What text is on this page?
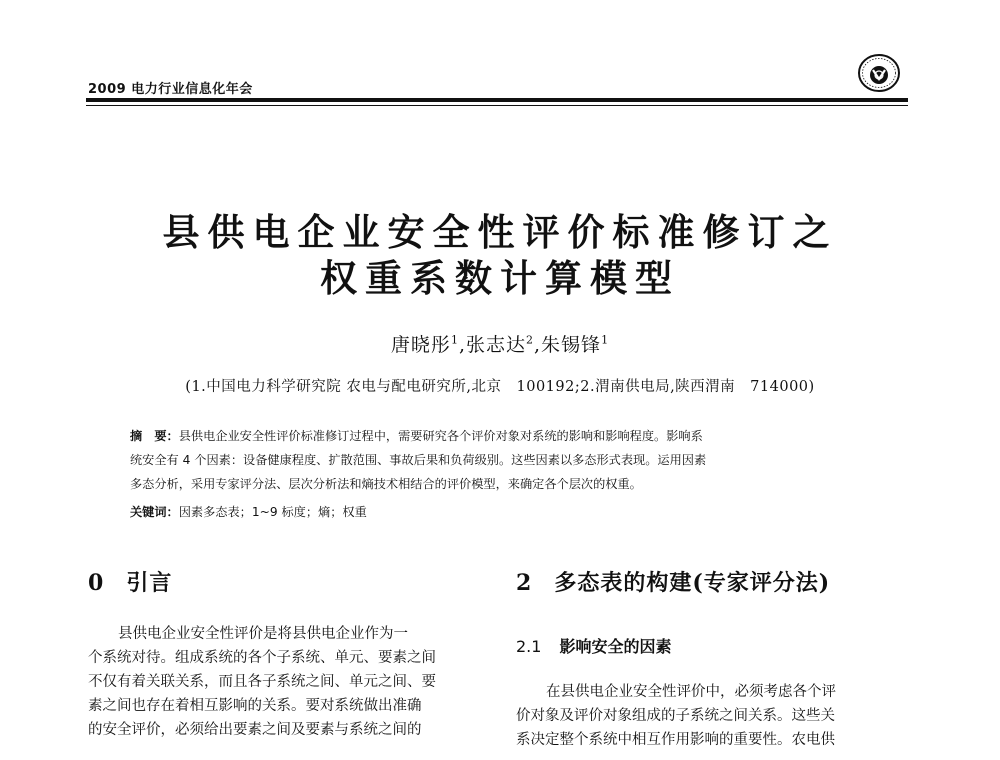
2009 电力行业信息化年会
县供电企业安全性评价标准修订之
权重系数计算模型
唐晓彤$^1$,张志达$^2$,朱锡锋$^1$
(1.中国电力科学研究院 农电与配电研究所,北京　100192;2.渭南供电局,陕西渭南　714000)
摘　要：县供电企业安全性评价标准修订过程中，需要研究各个评价对象对系统的影响和影响程度。影响系
统安全有 4 个因素：设备健康程度、扩散范围、事故后果和负荷级别。这些因素以多态形式表现。运用因素
多态分析，采用专家评分法、层次分析法和熵技术相结合的评价模型，来确定各个层次的权重。
关键词：因素多态表；1~9 标度；熵；权重
0 引言
县供电企业安全性评价是将县供电企业作为一
个系统对待。组成系统的各个子系统、单元、要素之间
不仅有着关联关系，而且各子系统之间、单元之间、要
素之间也存在着相互影响的关系。要对系统做出准确
的安全评价，必须给出要素之间及要素与系统之间的
2 多态表的构建(专家评分法)
2.1 影响安全的因素
在县供电企业安全性评价中，必须考虑各个评
价对象及评价对象组成的子系统之间关系。这些关
系决定整个系统中相互作用影响的重要性。农电供
